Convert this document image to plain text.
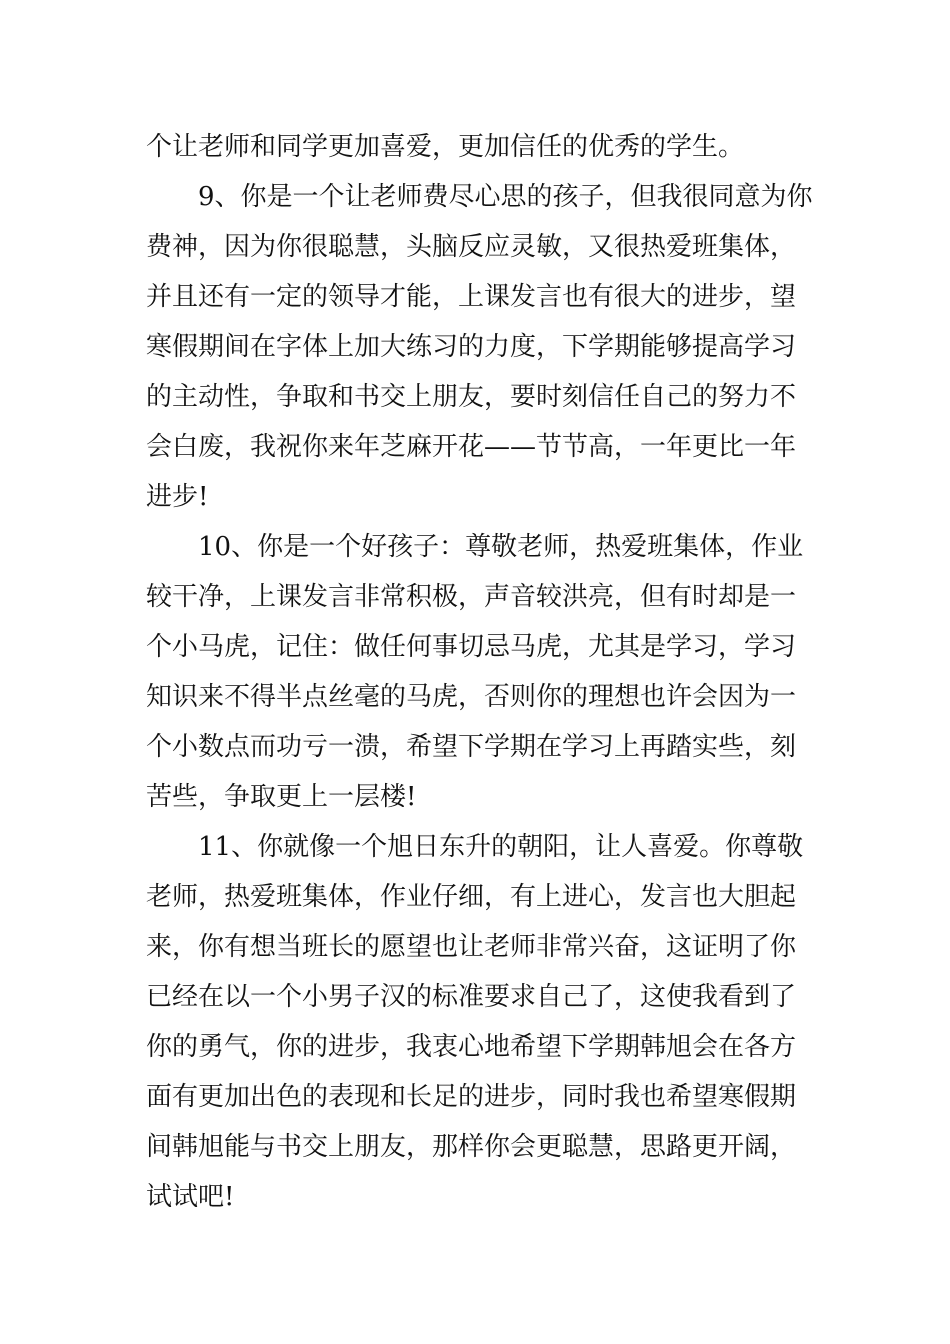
个让老师和同学更加喜爱，更加信任的优秀的学生。

9、你是一个让老师费尽心思的孩子，但我很同意为你

费神，因为你很聪慧，头脑反应灵敏，又很热爱班集体，

并且还有一定的领导才能，上课发言也有很大的进步，望

寒假期间在字体上加大练习的力度，下学期能够提高学习

的主动性，争取和书交上朋友，要时刻信任自己的努力不

会白废，我祝你来年芝麻开花——节节高，一年更比一年

进步!

10、你是一个好孩子：尊敬老师，热爱班集体，作业

较干净，上课发言非常积极，声音较洪亮，但有时却是一

个小马虎，记住：做任何事切忌马虎，尤其是学习，学习

知识来不得半点丝毫的马虎，否则你的理想也许会因为一

个小数点而功亏一溃，希望下学期在学习上再踏实些，刻

苦些，争取更上一层楼!

11、你就像一个旭日东升的朝阳，让人喜爱。你尊敬

老师，热爱班集体，作业仔细，有上进心，发言也大胆起

来，你有想当班长的愿望也让老师非常兴奋，这证明了你

已经在以一个小男子汉的标准要求自己了，这使我看到了

你的勇气，你的进步，我衷心地希望下学期韩旭会在各方

面有更加出色的表现和长足的进步，同时我也希望寒假期

间韩旭能与书交上朋友，那样你会更聪慧，思路更开阔，

试试吧!
